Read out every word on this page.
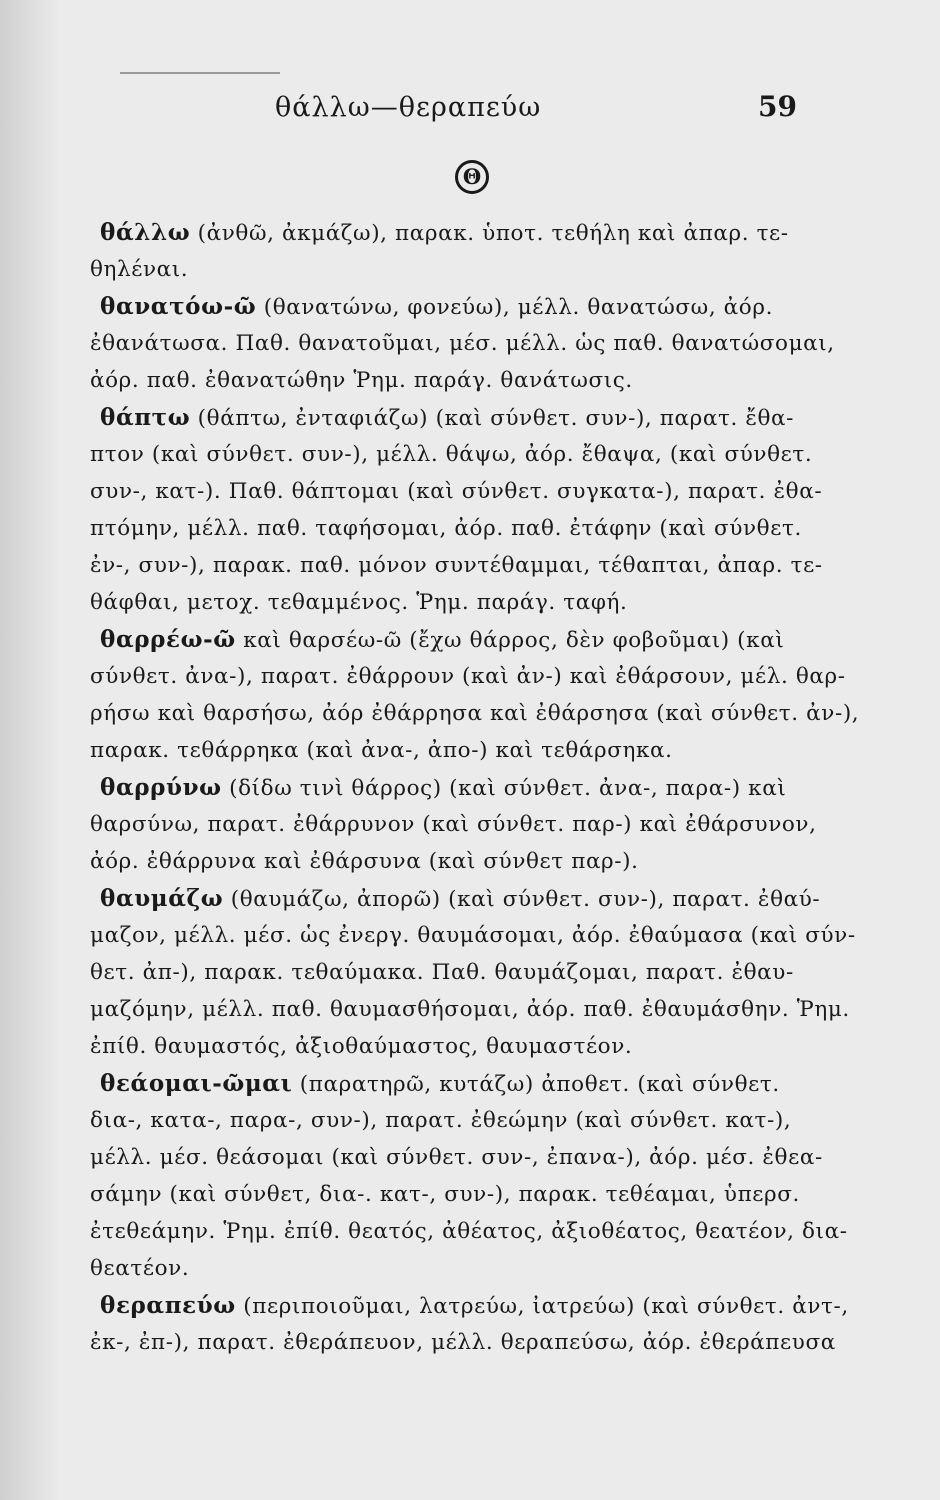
θάλλω—θεραπεύω	59
Θ
θάλλω (ἀνθῶ, ἀκμάζω), παρακ. ὑποτ. τεθήλη καὶ ἀπαρ. τε-
θηλέναι.
θανατόω-ῶ (θανατώνω, φονεύω), μέλλ. θανατώσω, ἀόρ.
ἐθανάτωσα. Παθ. θανατοῦμαι, μέσ. μέλλ. ὡς παθ. θανατώσομαι,
ἀόρ. παθ. ἐθανατώθην Ῥημ. παράγ. θανάτωσις.
θάπτω (θάπτω, ἐνταφιάζω) (καὶ σύνθετ. συν-), παρατ. ἔθα-
πτον (καὶ σύνθετ. συν-), μέλλ. θάψω, ἀόρ. ἔθαψα, (καὶ σύνθετ.
συν-, κατ-). Παθ. θάπτομαι (καὶ σύνθετ. συγκατα-), παρατ. ἐθα-
πτόμην, μέλλ. παθ. ταφήσομαι, ἀόρ. παθ. ἐτάφην (καὶ σύνθετ.
ἐν-, συν-), παρακ. παθ. μόνον συντέθαμμαι, τέθαπται, ἀπαρ. τε-
θάφθαι, μετοχ. τεθαμμένος. Ῥημ. παράγ. ταφή.
θαρρέω-ῶ καὶ θαρσέω-ῶ (ἔχω θάρρος, δὲν φοβοῦμαι) (καὶ
σύνθετ. ἀνα-), παρατ. ἐθάρρουν (καὶ ἀν-) καὶ ἐθάρσουν, μέλ. θαρ-
ρήσω καὶ θαρσήσω, ἀόρ ἐθάρρησα καὶ ἐθάρσησα (καὶ σύνθετ. ἀν-),
παρακ. τεθάρρηκα (καὶ ἀνα-, ἀπο-) καὶ τεθάρσηκα.
θαρρύνω (δίδω τινὶ θάρρος) (καὶ σύνθετ. ἀνα-, παρα-) καὶ
θαρσύνω, παρατ. ἐθάρρυνον (καὶ σύνθετ. παρ-) καὶ ἐθάρσυνον,
ἀόρ. ἐθάρρυνα καὶ ἐθάρσυνα (καὶ σύνθετ παρ-).
θαυμάζω (θαυμάζω, ἀπορῶ) (καὶ σύνθετ. συν-), παρατ. ἐθαύ-
μαζον, μέλλ. μέσ. ὡς ἐνεργ. θαυμάσομαι, ἀόρ. ἐθαύμασα (καὶ σύν-
θετ. ἀπ-), παρακ. τεθαύμακα. Παθ. θαυμάζομαι, παρατ. ἐθαυ-
μαζόμην, μέλλ. παθ. θαυμασθήσομαι, ἀόρ. παθ. ἐθαυμάσθην. Ῥημ.
ἐπίθ. θαυμαστός, ἀξιοθαύμαστος, θαυμαστέον.
θεάομαι-ῶμαι (παρατηρῶ, κυτάζω) ἀποθετ. (καὶ σύνθετ.
δια-, κατα-, παρα-, συν-), παρατ. ἐθεώμην (καὶ σύνθετ. κατ-),
μέλλ. μέσ. θεάσομαι (καὶ σύνθετ. συν-, ἐπανα-), ἀόρ. μέσ. ἐθεα-
σάμην (καὶ σύνθετ, δια-. κατ-, συν-), παρακ. τεθέαμαι, ὑπερσ.
ἐτεθεάμην. Ῥημ. ἐπίθ. θεατός, ἀθέατος, ἀξιοθέατος, θεατέον, δια-
θεατέον.
θεραπεύω (περιποιοῦμαι, λατρεύω, ἰατρεύω) (καὶ σύνθετ. ἀντ-,
ἐκ-, ἐπ-), παρατ. ἐθεράπευον, μέλλ. θεραπεύσω, ἀόρ. ἐθεράπευσα
